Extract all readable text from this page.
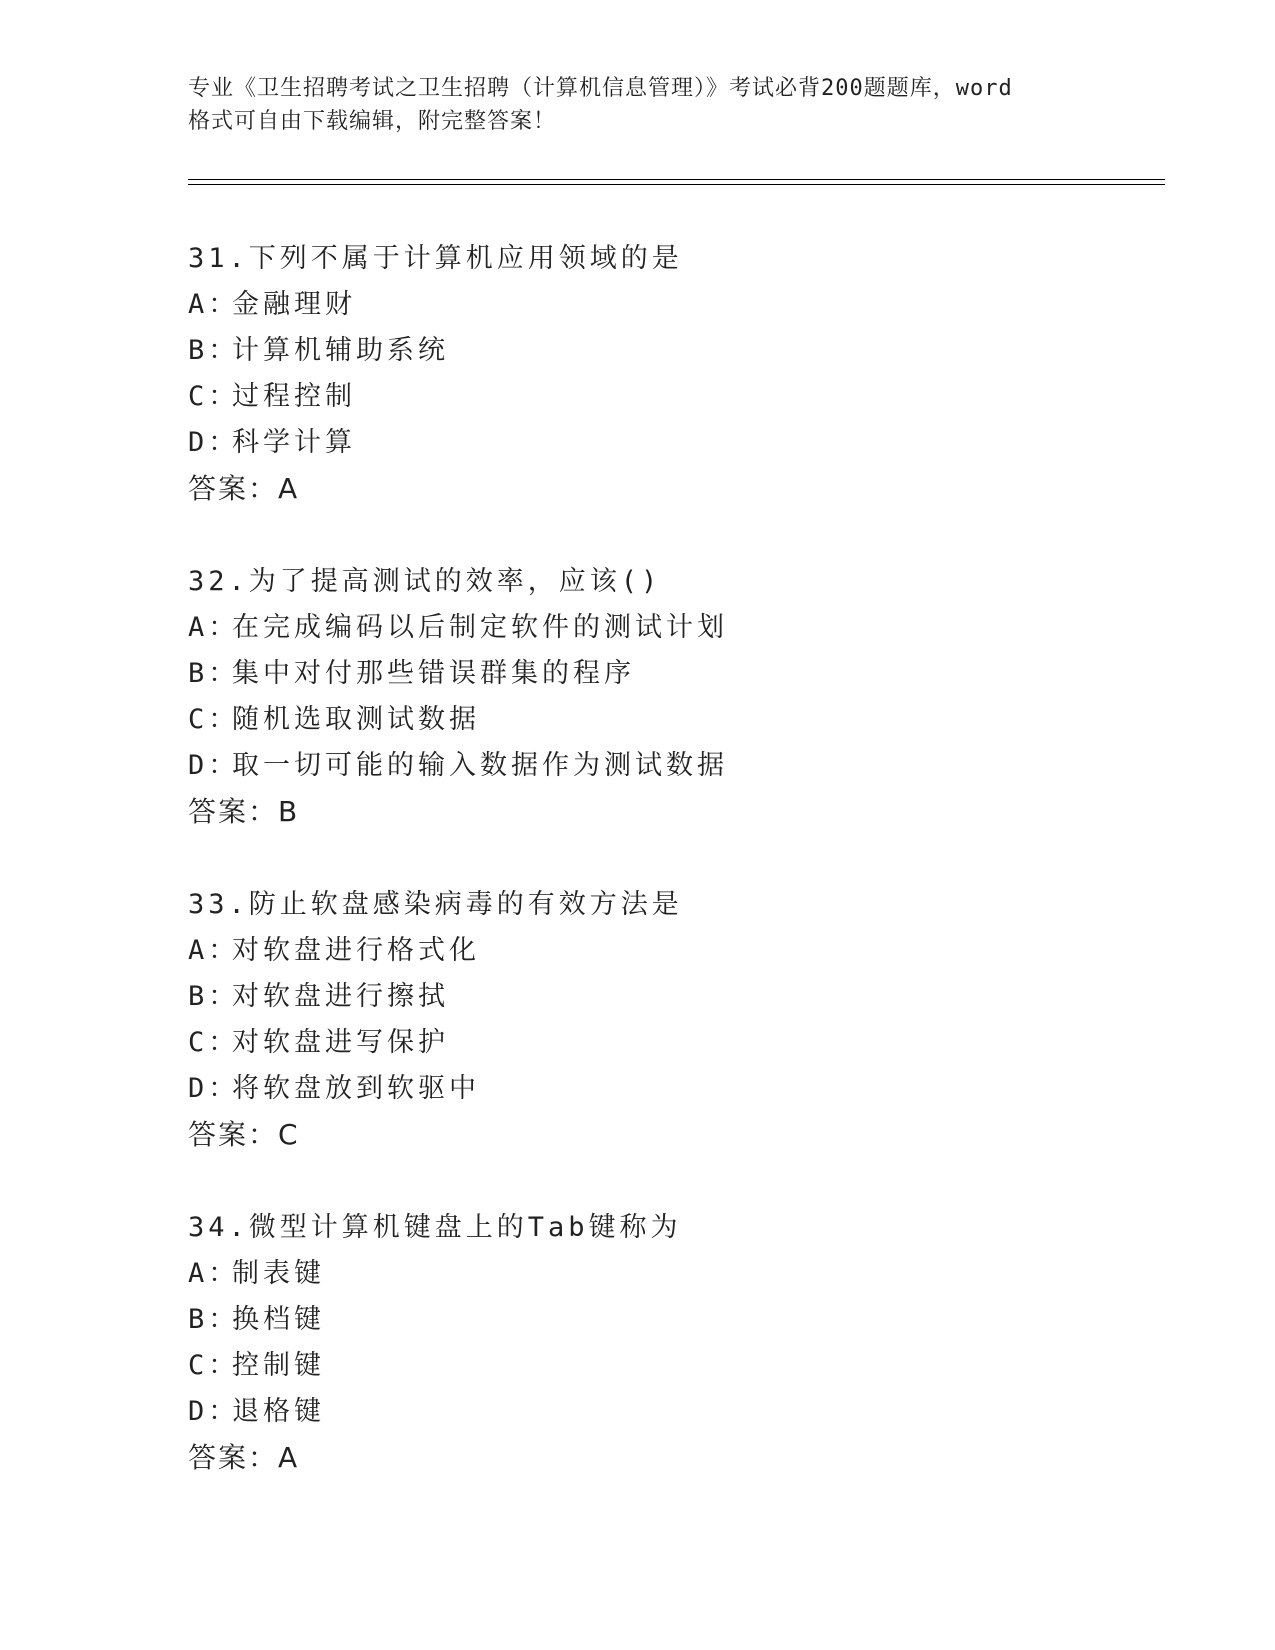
专业《卫生招聘考试之卫生招聘（计算机信息管理）》考试必背200题题库，word
格式可自由下载编辑，附完整答案！
31.下列不属于计算机应用领域的是
A：金融理财
B：计算机辅助系统
C：过程控制
D：科学计算
答案：A
32.为了提高测试的效率，应该()
A：在完成编码以后制定软件的测试计划
B：集中对付那些错误群集的程序
C：随机选取测试数据
D：取一切可能的输入数据作为测试数据
答案：B
33.防止软盘感染病毒的有效方法是
A：对软盘进行格式化
B：对软盘进行擦拭
C：对软盘进写保护
D：将软盘放到软驱中
答案：C
34.微型计算机键盘上的Tab键称为
A：制表键
B：换档键
C：控制键
D：退格键
答案：A
